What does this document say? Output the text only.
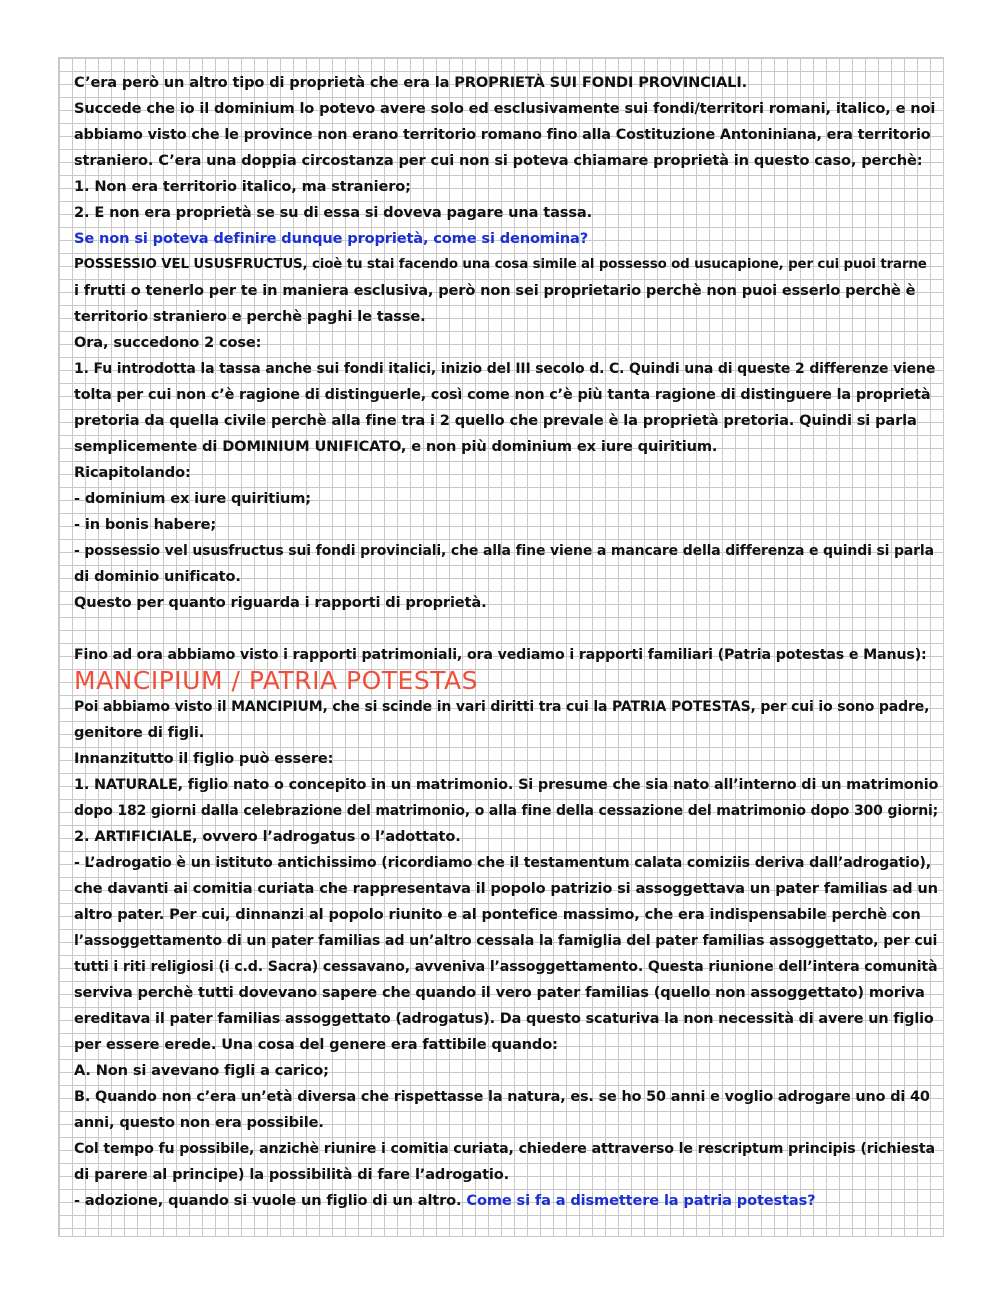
C’era però un altro tipo di proprietà che era la PROPRIETÀ SUI FONDI PROVINCIALI.
Succede che io il dominium lo potevo avere solo ed esclusivamente sui fondi/territori romani, italico, e noi
abbiamo visto che le province non erano territorio romano fino alla Costituzione Antoniniana, era territorio
straniero. C’era una doppia circostanza per cui non si poteva chiamare proprietà in questo caso, perchè:
1. Non era territorio italico, ma straniero;
2. E non era proprietà se su di essa si doveva pagare una tassa.
Se non si poteva definire dunque proprietà, come si denomina?
POSSESSIO VEL USUSFRUCTUS, cioè tu stai facendo una cosa simile al possesso od usucapione, per cui puoi trarne
i frutti o tenerlo per te in maniera esclusiva, però non sei proprietario perchè non puoi esserlo perchè è
territorio straniero e perchè paghi le tasse.
Ora, succedono 2 cose:
1. Fu introdotta la tassa anche sui fondi italici, inizio del III secolo d. C. Quindi una di queste 2 differenze viene
tolta per cui non c’è ragione di distinguerle, così come non c’è più tanta ragione di distinguere la proprietà
pretoria da quella civile perchè alla fine tra i 2 quello che prevale è la proprietà pretoria. Quindi si parla
semplicemente di DOMINIUM UNIFICATO, e non più dominium ex iure quiritium.
Ricapitolando:
- dominium ex iure quiritium;
- in bonis habere;
- possessio vel ususfructus sui fondi provinciali, che alla fine viene a mancare della differenza e quindi si parla
di dominio unificato.
Questo per quanto riguarda i rapporti di proprietà.
Fino ad ora abbiamo visto i rapporti patrimoniali, ora vediamo i rapporti familiari (Patria potestas e Manus):
MANCIPIUM / PATRIA POTESTAS
Poi abbiamo visto il MANCIPIUM, che si scinde in vari diritti tra cui la PATRIA POTESTAS, per cui io sono padre,
genitore di figli.
Innanzitutto il figlio può essere:
1. NATURALE, figlio nato o concepito in un matrimonio. Si presume che sia nato all’interno di un matrimonio
dopo 182 giorni dalla celebrazione del matrimonio, o alla fine della cessazione del matrimonio dopo 300 giorni;
2. ARTIFICIALE, ovvero l’adrogatus o l’adottato.
- L’adrogatio è un istituto antichissimo (ricordiamo che il testamentum calata comiziis deriva dall’adrogatio),
che davanti ai comitia curiata che rappresentava il popolo patrizio si assoggettava un pater familias ad un
altro pater. Per cui, dinnanzi al popolo riunito e al pontefice massimo, che era indispensabile perchè con
l’assoggettamento di un pater familias ad un’altro cessala la famiglia del pater familias assoggettato, per cui
tutti i riti religiosi (i c.d. Sacra) cessavano, avveniva l’assoggettamento. Questa riunione dell’intera comunità
serviva perchè tutti dovevano sapere che quando il vero pater familias (quello non assoggettato) moriva
ereditava il pater familias assoggettato (adrogatus). Da questo scaturiva la non necessità di avere un figlio
per essere erede. Una cosa del genere era fattibile quando:
A. Non si avevano figli a carico;
B. Quando non c’era un’età diversa che rispettasse la natura, es. se ho 50 anni e voglio adrogare uno di 40
anni, questo non era possibile.
Col tempo fu possibile, anzichè riunire i comitia curiata, chiedere attraverso le rescriptum principis (richiesta
di parere al principe) la possibilità di fare l’adrogatio.
- adozione, quando si vuole un figlio di un altro. Come si fa a dismettere la patria potestas?
